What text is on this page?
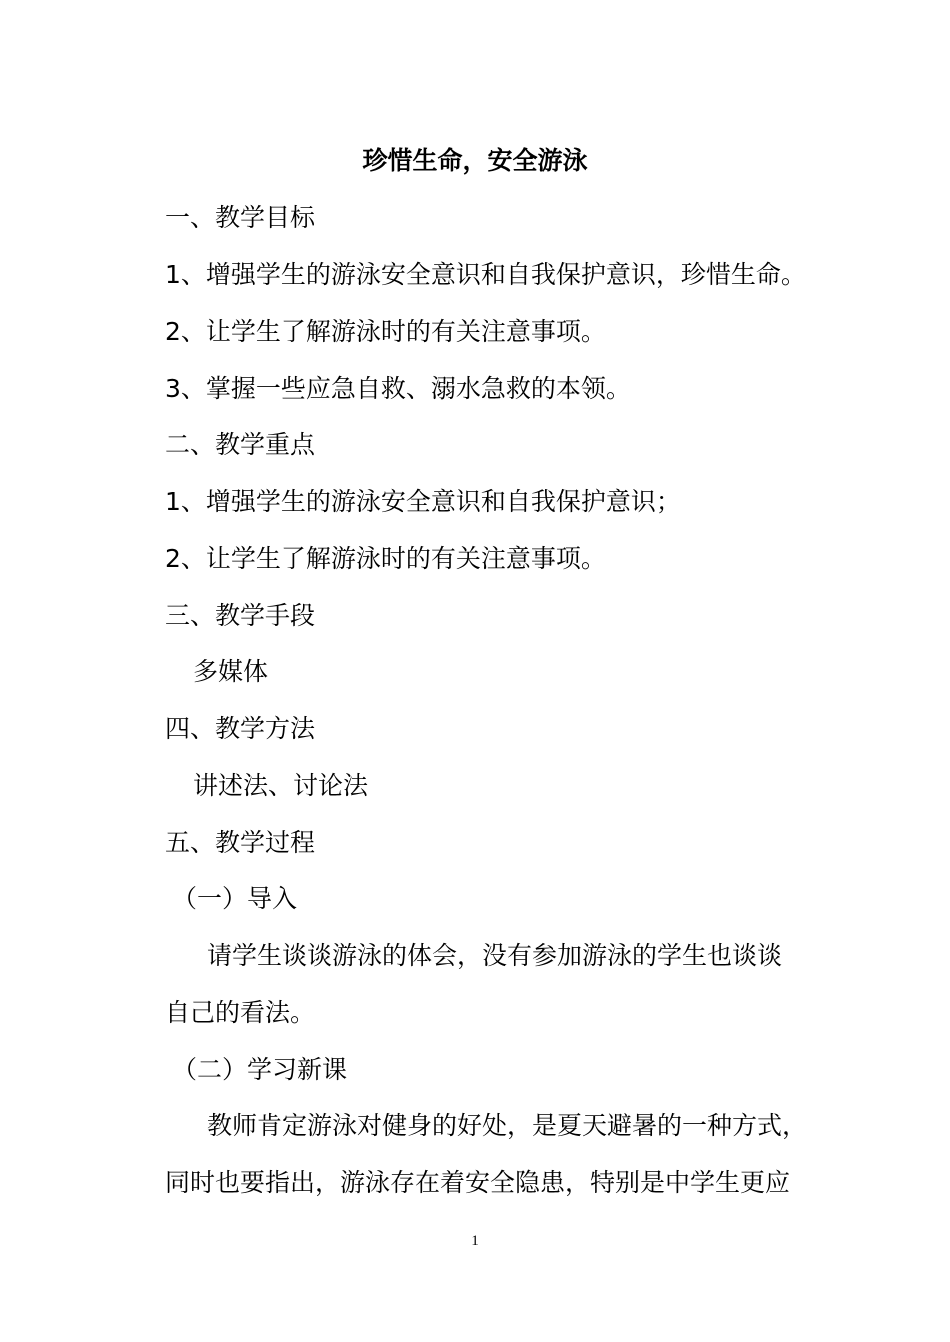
珍惜生命，安全游泳
一、教学目标
1、增强学生的游泳安全意识和自我保护意识，珍惜生命。
2、让学生了解游泳时的有关注意事项。
3、掌握一些应急自救、溺水急救的本领。
二、教学重点
1、增强学生的游泳安全意识和自我保护意识；
2、让学生了解游泳时的有关注意事项。
三、教学手段
多媒体
四、教学方法
讲述法、讨论法
五、教学过程
（一）导入
请学生谈谈游泳的体会，没有参加游泳的学生也谈谈
自己的看法。
（二）学习新课
教师肯定游泳对健身的好处，是夏天避暑的一种方式，
同时也要指出，游泳存在着安全隐患，特别是中学生更应
1
